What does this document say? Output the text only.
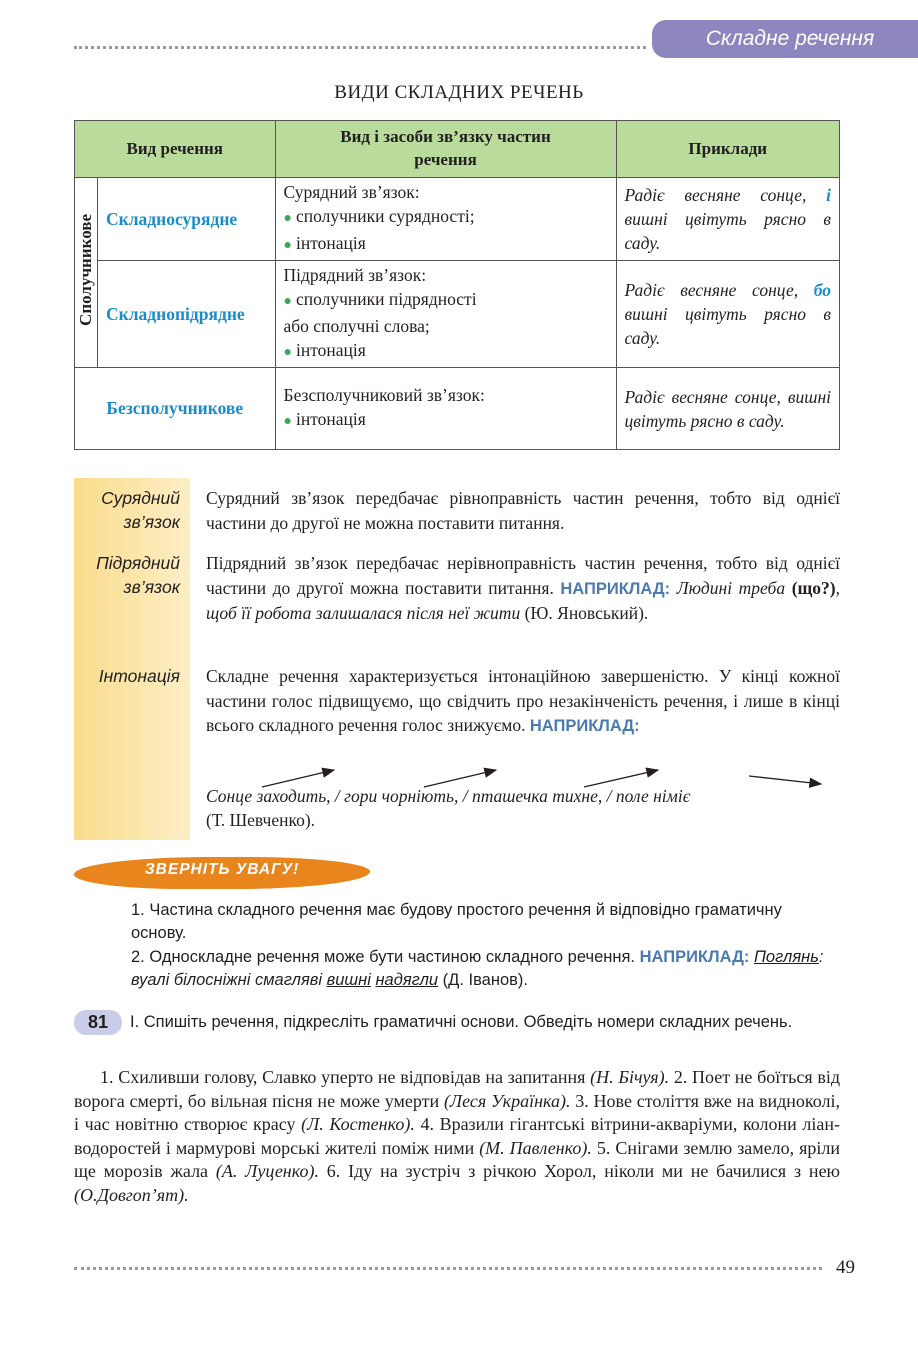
Складне речення
ВИДИ СКЛАДНИХ РЕЧЕНЬ
Вид речення		Вид і засоби зв’язку частин речення	Приклади
Сполучникове	Складносурядне	Сурядний зв’язок:
● сполучники сурядності;
● інтонація	Радіє весняне сонце, і вишні цвітуть рясно в саду.
	Складнопідрядне	Підрядний зв’язок:
● сполучники підрядності
або сполучні слова;
● інтонація	Радіє весняне сонце, бо вишні цвітуть рясно в саду.
Безсполучникове		Безсполучниковий зв’язок:
● інтонація	Радіє весняне сонце, вишні цвітуть рясно в саду.
Сурядний
зв’язок
Підрядний
зв’язок
Інтонація
Сурядний зв’язок передбачає рівноправність частин речення, тобто від однієї частини до другої не можна поставити питання.
Підрядний зв’язок передбачає нерівноправність частин речення, тобто від однієї частини до другої можна поставити питання. НАПРИКЛАД: Людині треба (що?), щоб її робота залишалася після неї жити (Ю. Яновський).
Складне речення характеризується інтонаційною завершеністю. У кінці кожної частини голос підвищуємо, що свідчить про незакінченість речення, і лише в кінці всього складного речення голос знижуємо. НАПРИКЛАД:
Сонце заходить, / гори чорніють, / пташечка тихне, / поле німіє
(Т. Шевченко).
ЗВЕРНІТЬ УВАГУ!
1. Частина складного речення має будову простого речення й відповідно граматичну основу.
2. Односкладне речення може бути частиною складного речення. НАПРИКЛАД: Поглянь: вуалі білосніжні смагляві вишні надягли (Д. Іванов).
81	І. Спишіть речення, підкресліть граматичні основи. Обведіть номери складних речень.
1. Схиливши голову, Славко уперто не відповідав на запитання (Н. Бічуя). 2. Поет не боїться від ворога смерті, бо вільная пісня не може умерти (Леся Українка). 3. Нове століття вже на видноколі, і час новітню створює красу (Л. Костенко). 4. Вразили гігантські вітрини-акваріуми, колони ліан-водоростей і мармурові морські жителі поміж ними (М. Павленко). 5. Снігами землю замело, яріли ще морозів жала (А. Луценко). 6. Іду на зустріч з річкою Хорол, ніколи ми не бачилися з нею (О.Довгоп’ят).
49
